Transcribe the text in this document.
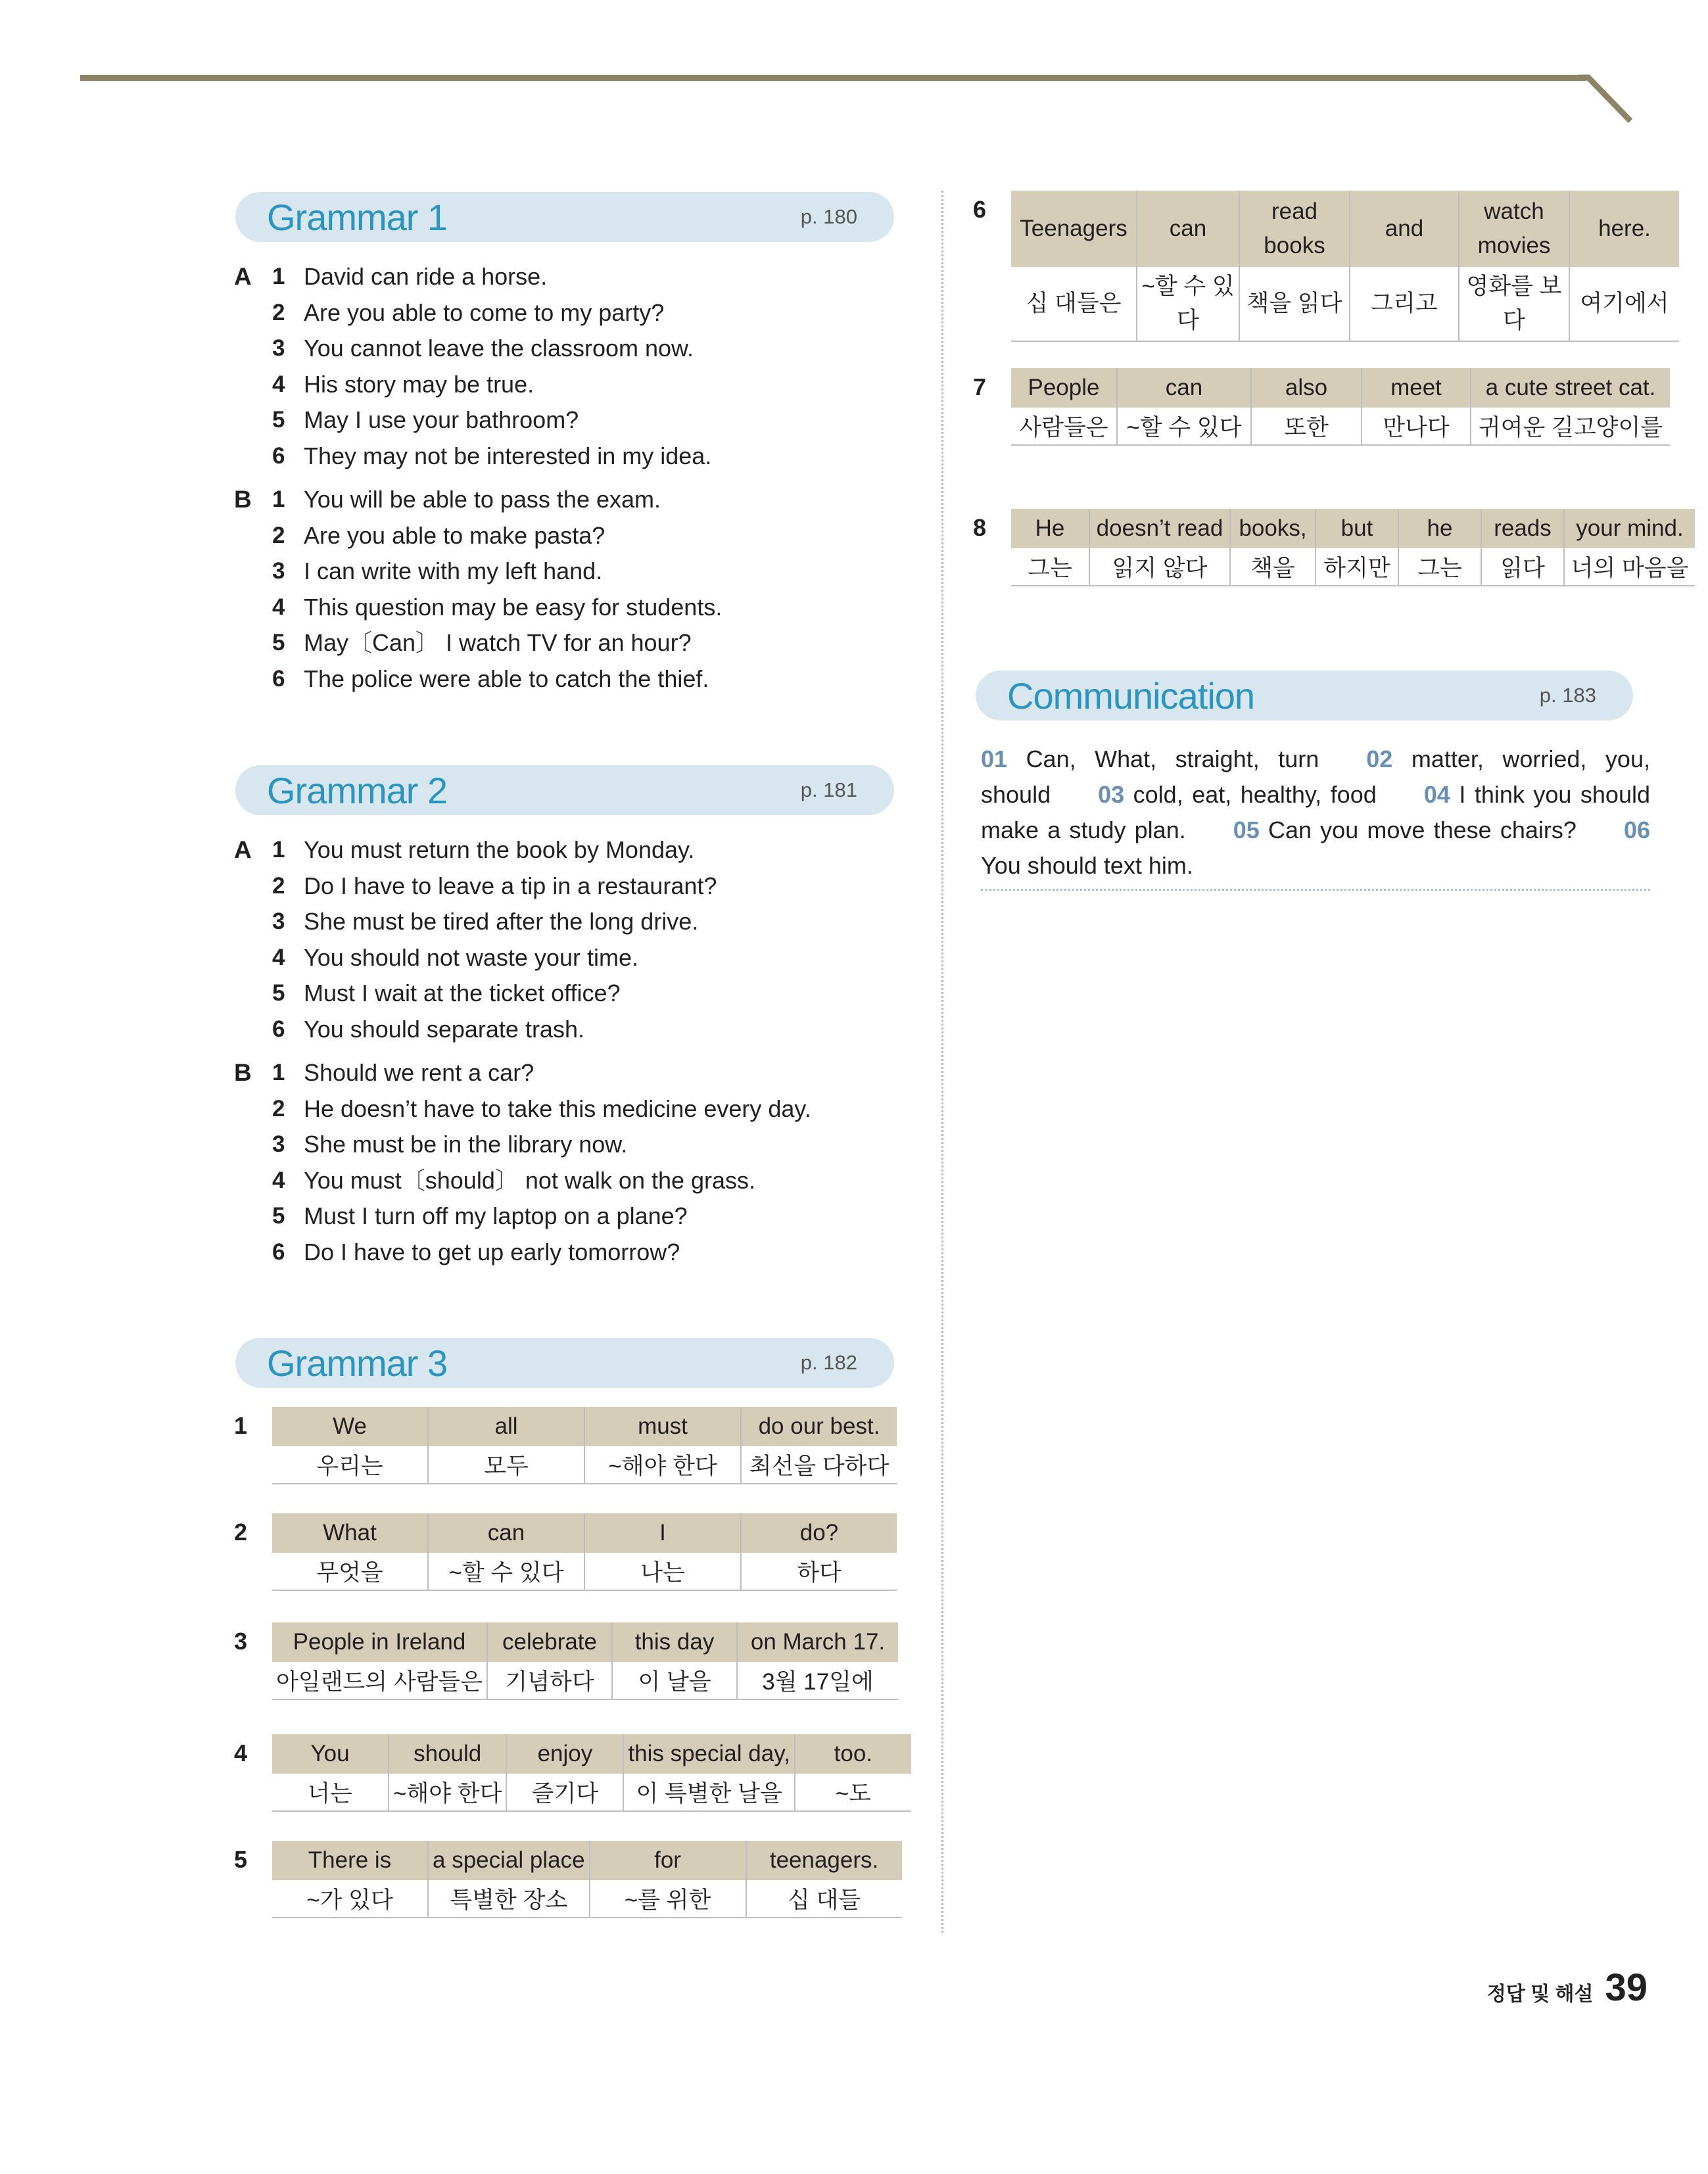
Grammar 1	p. 180
A 1 David can ride a horse.
2 Are you able to come to my party?
3 You cannot leave the classroom now.
4 His story may be true.
5 May I use your bathroom?
6 They may not be interested in my idea.
B 1 You will be able to pass the exam.
2 Are you able to make pasta?
3 I can write with my left hand.
4 This question may be easy for students.
5 May〔Can〕 I watch TV for an hour?
6 The police were able to catch the thief.
Grammar 2	p. 181
A 1 You must return the book by Monday.
2 Do I have to leave a tip in a restaurant?
3 She must be tired after the long drive.
4 You should not waste your time.
5 Must I wait at the ticket office?
6 You should separate trash.
B 1 Should we rent a car?
2 He doesn’t have to take this medicine every day.
3 She must be in the library now.
4 You must〔should〕 not walk on the grass.
5 Must I turn off my laptop on a plane?
6 Do I have to get up early tomorrow?
Grammar 3	p. 182
1	We	all	must	do our best.
우리는	모두	~해야 한다	최선을 다하다
2	What	can	I	do?
무엇을	~할 수 있다	나는	하다
3	People in Ireland	celebrate	this day	on March 17.
아일랜드의 사람들은	기념하다	이 날을	3월 17일에
4	You	should	enjoy	this special day,	too.
너는	~해야 한다	즐기다	이 특별한 날을	~도
5	There is	a special place	for	teenagers.
~가 있다	특별한 장소	~를 위한	십 대들
6
Teenagers	can	read books	and	watch movies	here.
십 대들은	~할 수 있다	책을 읽다	그리고	영화를 보다	여기에서
7	People	can	also	meet	a cute street cat.
사람들은	~할 수 있다	또한	만나다	귀여운 길고양이를
8	He	doesn’t read	books,	but	he	reads	your mind.
그는	읽지 않다	책을	하지만	그는	읽다	너의 마음을
Communication	p. 183
01 Can, What, straight, turn   02 matter, worried, you, should   03 cold, eat, healthy, food   04 I think you should make a study plan.   05 Can you move these chairs?   06 You should text him.  
정답 및 해설 39
